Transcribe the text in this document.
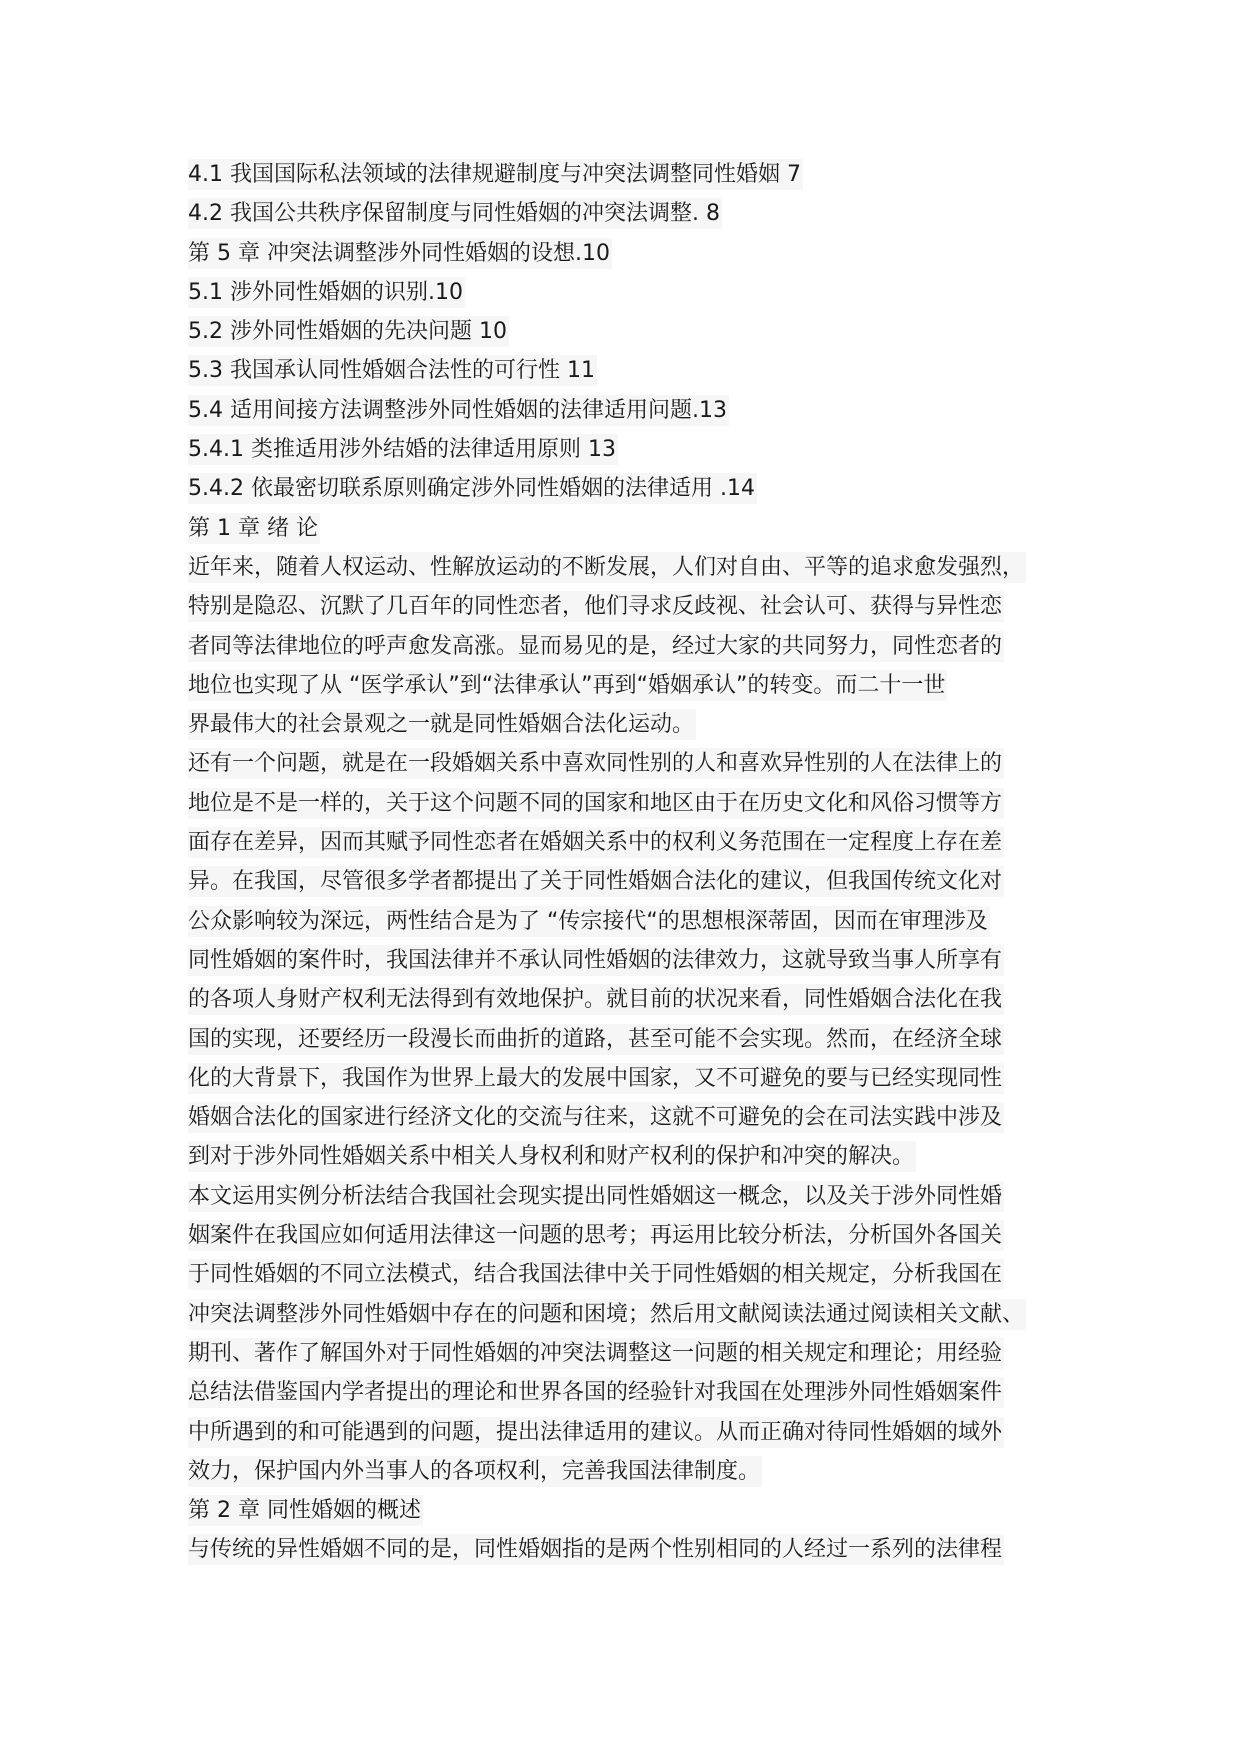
4.1 我国国际私法领域的法律规避制度与冲突法调整同性婚姻 7
4.2 我国公共秩序保留制度与同性婚姻的冲突法调整. 8
第 5 章 冲突法调整涉外同性婚姻的设想.10
5.1 涉外同性婚姻的识别.10
5.2 涉外同性婚姻的先决问题 10
5.3 我国承认同性婚姻合法性的可行性 11
5.4 适用间接方法调整涉外同性婚姻的法律适用问题.13
5.4.1 类推适用涉外结婚的法律适用原则 13
5.4.2 依最密切联系原则确定涉外同性婚姻的法律适用 .14
第 1 章 绪 论
近年来，随着人权运动、性解放运动的不断发展，人们对自由、平等的追求愈发强烈，
特别是隐忍、沉默了几百年的同性恋者，他们寻求反歧视、社会认可、获得与异性恋
者同等法律地位的呼声愈发高涨。显而易见的是，经过大家的共同努力，同性恋者的
地位也实现了从 “医学承认”到“法律承认”再到“婚姻承认”的转变。而二十一世
界最伟大的社会景观之一就是同性婚姻合法化运动。
还有一个问题，就是在一段婚姻关系中喜欢同性别的人和喜欢异性别的人在法律上的
地位是不是一样的，关于这个问题不同的国家和地区由于在历史文化和风俗习惯等方
面存在差异，因而其赋予同性恋者在婚姻关系中的权利义务范围在一定程度上存在差
异。在我国，尽管很多学者都提出了关于同性婚姻合法化的建议，但我国传统文化对
公众影响较为深远，两性结合是为了 “传宗接代“的思想根深蒂固，因而在审理涉及
同性婚姻的案件时，我国法律并不承认同性婚姻的法律效力，这就导致当事人所享有
的各项人身财产权利无法得到有效地保护。就目前的状况来看，同性婚姻合法化在我
国的实现，还要经历一段漫长而曲折的道路，甚至可能不会实现。然而，在经济全球
化的大背景下，我国作为世界上最大的发展中国家，又不可避免的要与已经实现同性
婚姻合法化的国家进行经济文化的交流与往来，这就不可避免的会在司法实践中涉及
到对于涉外同性婚姻关系中相关人身权利和财产权利的保护和冲突的解决。
本文运用实例分析法结合我国社会现实提出同性婚姻这一概念，以及关于涉外同性婚
姻案件在我国应如何适用法律这一问题的思考；再运用比较分析法，分析国外各国关
于同性婚姻的不同立法模式，结合我国法律中关于同性婚姻的相关规定，分析我国在
冲突法调整涉外同性婚姻中存在的问题和困境；然后用文献阅读法通过阅读相关文献、
期刊、著作了解国外对于同性婚姻的冲突法调整这一问题的相关规定和理论；用经验
总结法借鉴国内学者提出的理论和世界各国的经验针对我国在处理涉外同性婚姻案件
中所遇到的和可能遇到的问题，提出法律适用的建议。从而正确对待同性婚姻的域外
效力，保护国内外当事人的各项权利，完善我国法律制度。
第 2 章 同性婚姻的概述
与传统的异性婚姻不同的是，同性婚姻指的是两个性别相同的人经过一系列的法律程
